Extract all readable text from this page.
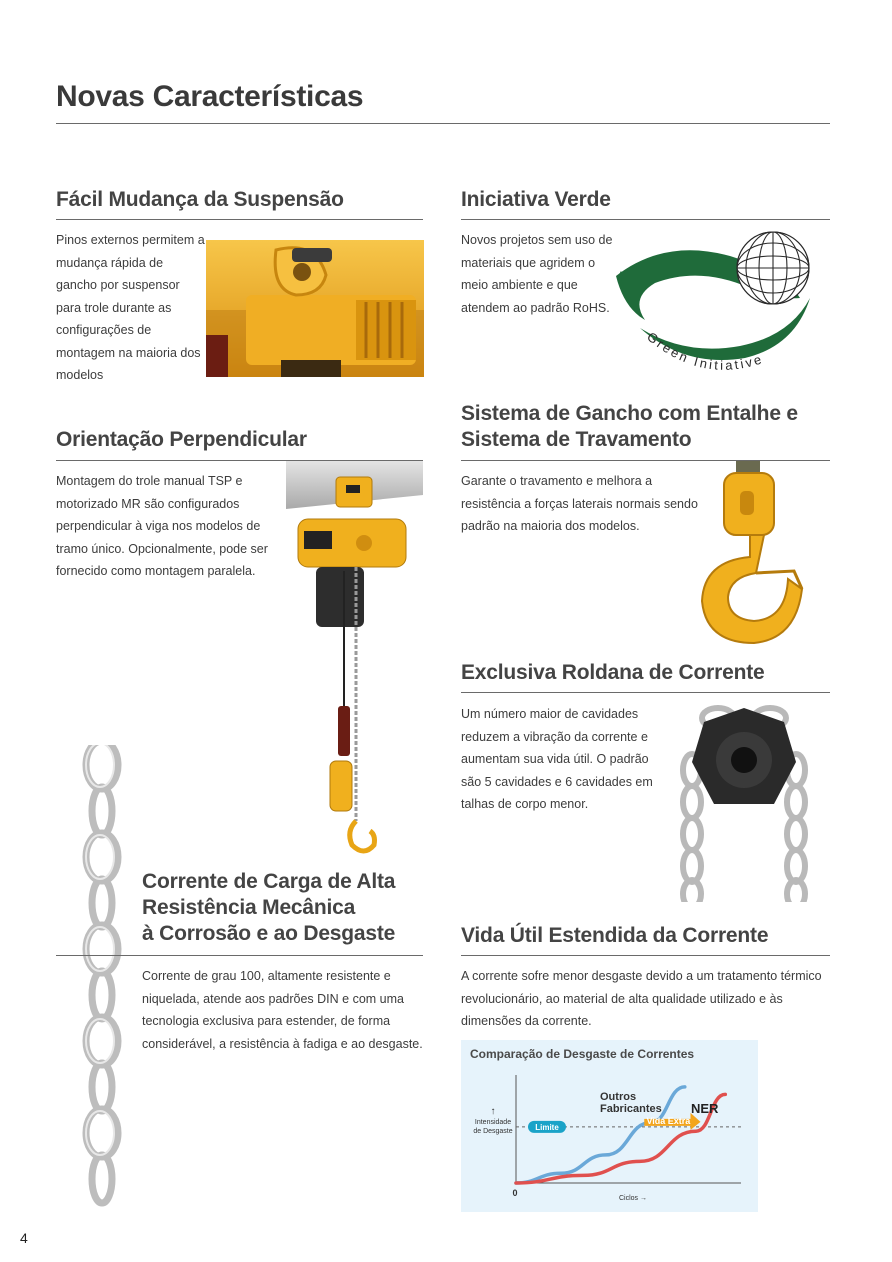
Novas Características
Fácil Mudança da Suspensão

Pinos externos permitem a
mudança rápida de
gancho por suspensor
para trole durante as
configurações de
montagem na maioria dos
modelos

Iniciativa Verde

Novos projetos sem uso de
materiais que agridem o
meio ambiente e que
atendem ao padrão RoHS.

Green Initiative
Orientação Perpendicular

Montagem do trole manual TSP e
motorizado MR são configurados
perpendicular à viga nos modelos de
tramo único. Opcionalmente, pode ser
fornecido como montagem paralela.

Sistema de Gancho com Entalhe e
Sistema de Travamento

Garante o travamento e melhora a
resistência a forças laterais normais sendo
padrão na maioria dos modelos.

Exclusiva Roldana de Corrente

Um número maior de cavidades
reduzem a vibração da corrente e
aumentam sua vida útil. O padrão
são 5 cavidades e 6 cavidades em
talhas de corpo menor.

Corrente de Carga de Alta
Resistência Mecânica
à Corrosão e ao Desgaste

Corrente de grau 100, altamente resistente e
niquelada, atende aos padrões DIN e com uma
tecnologia exclusiva para estender, de forma
considerável, a resistência à fadiga e ao desgaste.

Vida Útil Estendida da Corrente

A corrente sofre menor desgaste devido a um tratamento térmico
revolucionário, ao material de alta qualidade utilizado e às
dimensões da corrente.

Comparação de Desgaste de Correntes

Limite
Vida Extra
↑
Intensidade
de Desgaste
0
Ciclos →
Outros
Fabricantes NER
4
